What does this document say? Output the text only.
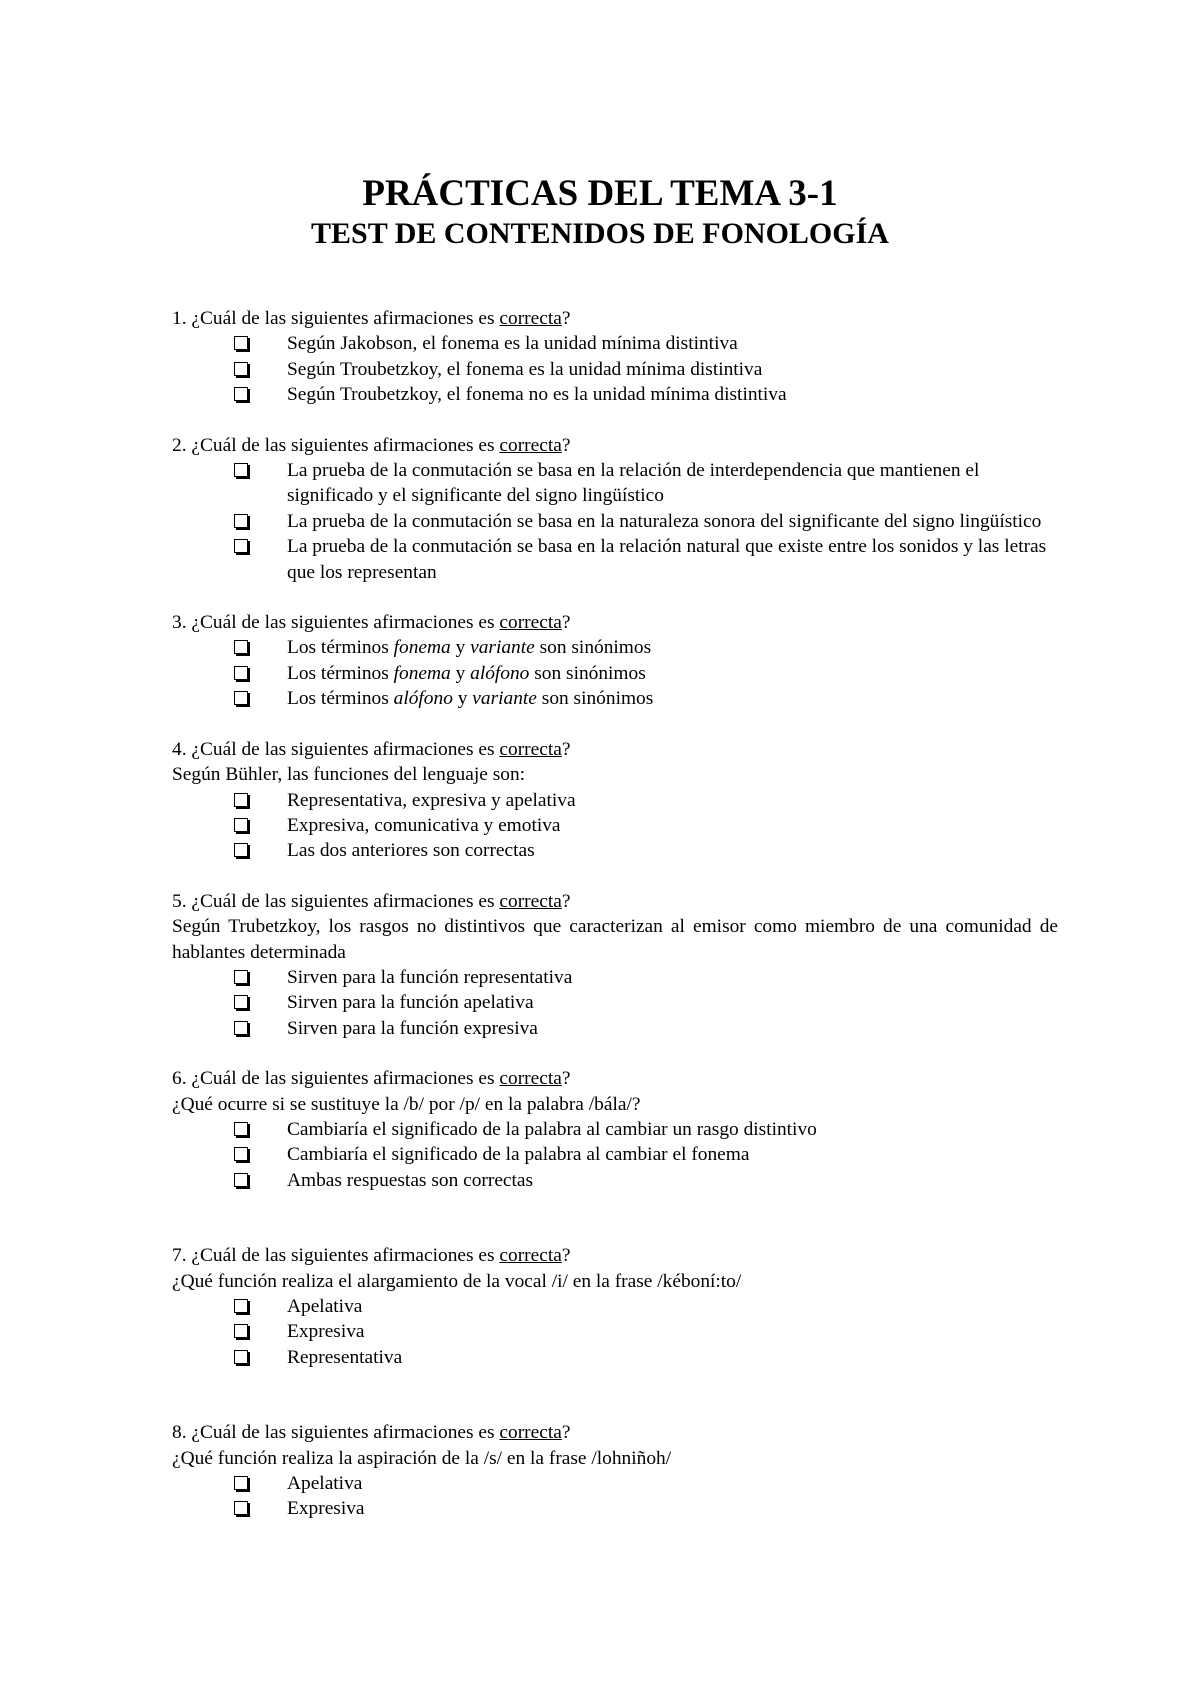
PRÁCTICAS DEL TEMA 3-1
TEST DE CONTENIDOS DE FONOLOGÍA

1. ¿Cuál de las siguientes afirmaciones es correcta?

Según Jakobson, el fonema es la unidad mínima distintiva
Según Troubetzkoy, el fonema es la unidad mínima distintiva
Según Troubetzkoy, el fonema no es la unidad mínima distintiva

2. ¿Cuál de las siguientes afirmaciones es correcta?

La prueba de la conmutación se basa en la relación de interdependencia que mantienen el significado y el significante del signo lingüístico
La prueba de la conmutación se basa en la naturaleza sonora del significante del signo lingüístico
La prueba de la conmutación se basa en la relación natural que existe entre los sonidos y las letras que los representan

3. ¿Cuál de las siguientes afirmaciones es correcta?

Los términos fonema y variante son sinónimos
Los términos fonema y alófono son sinónimos
Los términos alófono y variante son sinónimos

4. ¿Cuál de las siguientes afirmaciones es correcta?

Según Bühler, las funciones del lenguaje son:

Representativa, expresiva y apelativa
Expresiva, comunicativa y emotiva
Las dos anteriores son correctas

5. ¿Cuál de las siguientes afirmaciones es correcta?

Según Trubetzkoy, los rasgos no distintivos que caracterizan al emisor como miembro de una comunidad de hablantes determinada

Sirven para la función representativa
Sirven para la función apelativa
Sirven para la función expresiva

6. ¿Cuál de las siguientes afirmaciones es correcta?

¿Qué ocurre si se sustituye la /b/ por /p/ en la palabra /bála/?

Cambiaría el significado de la palabra al cambiar un rasgo distintivo
Cambiaría el significado de la palabra al cambiar el fonema
Ambas respuestas son correctas

7. ¿Cuál de las siguientes afirmaciones es correcta?

¿Qué función realiza el alargamiento de la vocal /i/ en la frase /kéboní:to/

Apelativa
Expresiva
Representativa

8. ¿Cuál de las siguientes afirmaciones es correcta?

¿Qué función realiza la aspiración de la /s/ en la frase /lohniñoh/

Apelativa
Expresiva
